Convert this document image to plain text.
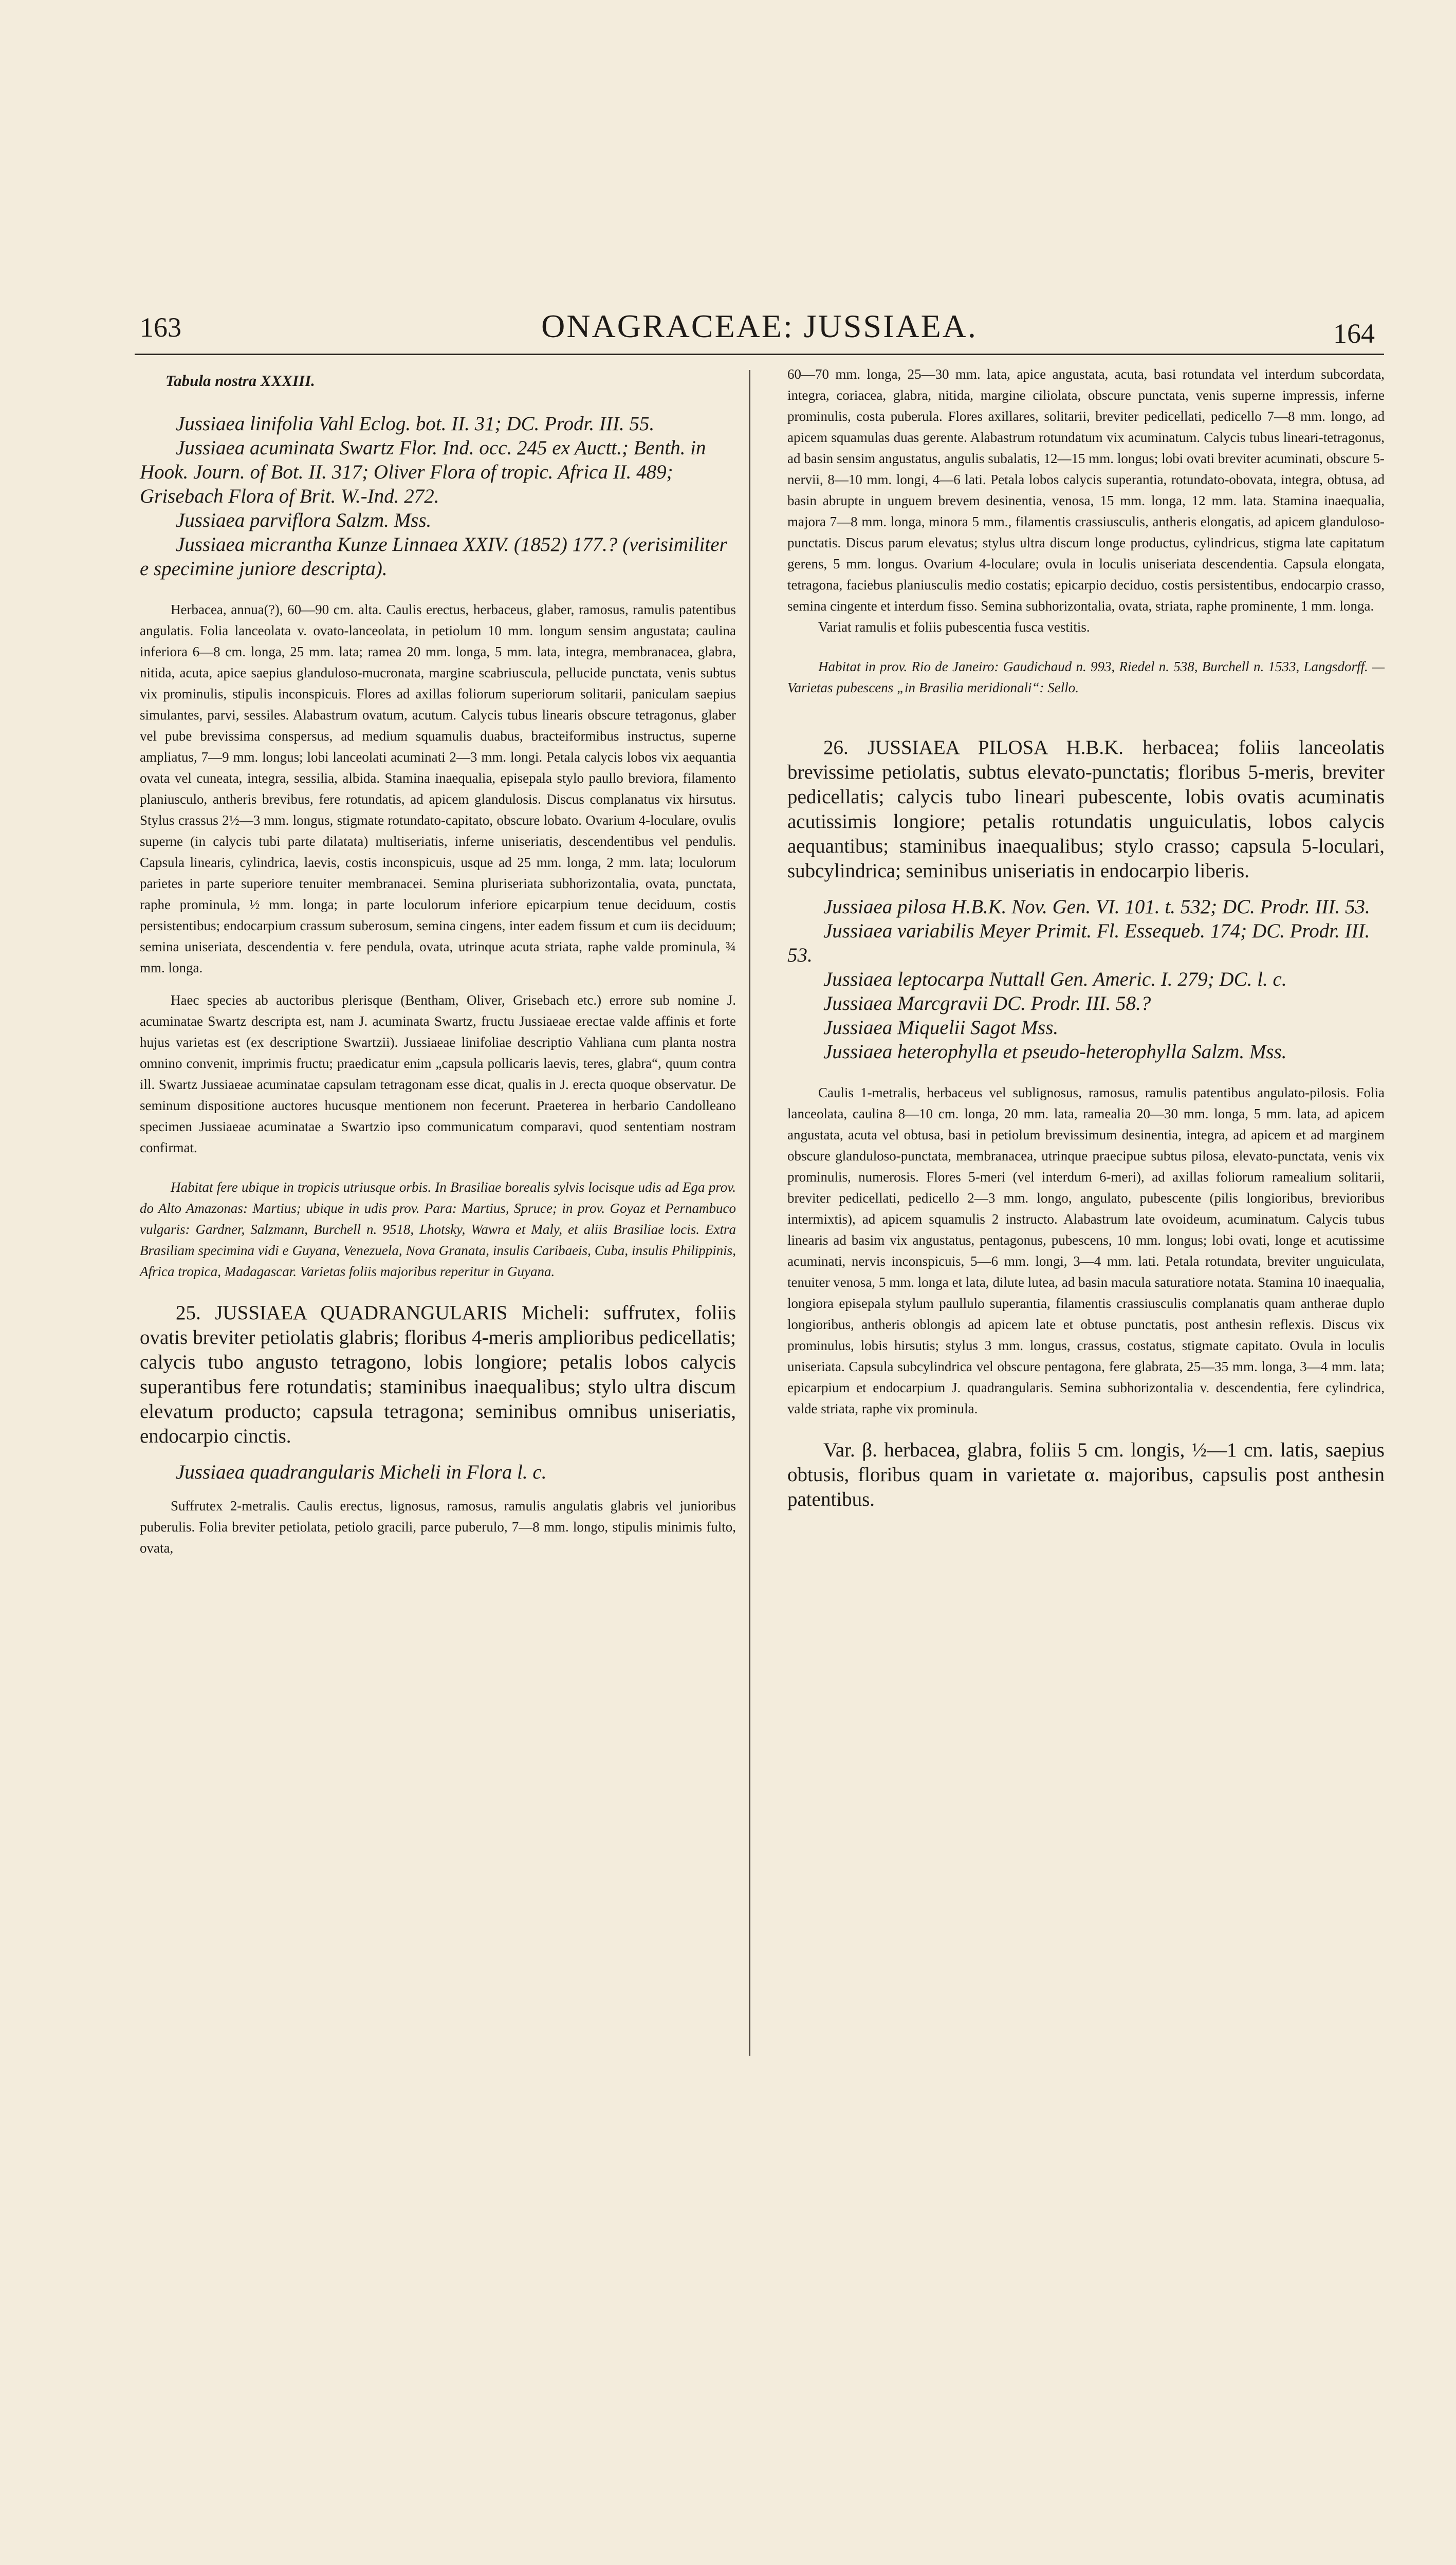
163	ONAGRACEAE: JUSSIAEA.	164

Tabula nostra XXXIII.

Jussiaea linifolia Vahl Eclog. bot. II. 31; DC. Prodr. III. 55.

Jussiaea acuminata Swartz Flor. Ind. occ. 245 ex Auctt.; Benth. in Hook. Journ. of Bot. II. 317; Oliver Flora of tropic. Africa II. 489; Grisebach Flora of Brit. W.-Ind. 272.

Jussiaea parviflora Salzm. Mss.

Jussiaea micrantha Kunze Linnaea XXIV. (1852) 177.? (verisimiliter e specimine juniore descripta).

Herbacea, annua(?), 60—90 cm. alta. Caulis erectus, herbaceus, glaber, ramosus, ramulis patentibus angulatis. Folia lanceolata v. ovato-lanceolata, in petiolum 10 mm. longum sensim angustata; caulina inferiora 6—8 cm. longa, 25 mm. lata; ramea 20 mm. longa, 5 mm. lata, integra, membranacea, glabra, nitida, acuta, apice saepius glanduloso-mucronata, margine scabriuscula, pellucide punctata, venis subtus vix prominulis, stipulis inconspicuis. Flores ad axillas foliorum superiorum solitarii, paniculam saepius simulantes, parvi, sessiles. Alabastrum ovatum, acutum. Calycis tubus linearis obscure tetragonus, glaber vel pube brevissima conspersus, ad medium squamulis duabus, bracteiformibus instructus, superne ampliatus, 7—9 mm. longus; lobi lanceolati acuminati 2—3 mm. longi. Petala calycis lobos vix aequantia ovata vel cuneata, integra, sessilia, albida. Stamina inaequalia, episepala stylo paullo breviora, filamento planiusculo, antheris brevibus, fere rotundatis, ad apicem glandulosis. Discus complanatus vix hirsutus. Stylus crassus 2½—3 mm. longus, stigmate rotundato-capitato, obscure lobato. Ovarium 4-loculare, ovulis superne (in calycis tubi parte dilatata) multiseriatis, inferne uniseriatis, descendentibus vel pendulis. Capsula linearis, cylindrica, laevis, costis inconspicuis, usque ad 25 mm. longa, 2 mm. lata; loculorum parietes in parte superiore tenuiter membranacei. Semina pluriseriata subhorizontalia, ovata, punctata, raphe prominula, ½ mm. longa; in parte loculorum inferiore epicarpium tenue deciduum, costis persistentibus; endocarpium crassum suberosum, semina cingens, inter eadem fissum et cum iis deciduum; semina uniseriata, descendentia v. fere pendula, ovata, utrinque acuta striata, raphe valde prominula, ¾ mm. longa.

Haec species ab auctoribus plerisque (Bentham, Oliver, Grisebach etc.) errore sub nomine J. acuminatae Swartz descripta est, nam J. acuminata Swartz, fructu Jussiaeae erectae valde affinis et forte hujus varietas est (ex descriptione Swartzii). Jussiaeae linifoliae descriptio Vahliana cum planta nostra omnino convenit, imprimis fructu; praedicatur enim „capsula pollicaris laevis, teres, glabra“, quum contra ill. Swartz Jussiaeae acuminatae capsulam tetragonam esse dicat, qualis in J. erecta quoque observatur. De seminum dispositione auctores hucusque mentionem non fecerunt. Praeterea in herbario Candolleano specimen Jussiaeae acuminatae a Swartzio ipso communicatum comparavi, quod sententiam nostram confirmat.

Habitat fere ubique in tropicis utriusque orbis. In Brasiliae borealis sylvis locisque udis ad Ega prov. do Alto Amazonas: Martius; ubique in udis prov. Para: Martius, Spruce; in prov. Goyaz et Pernambuco vulgaris: Gardner, Salzmann, Burchell n. 9518, Lhotsky, Wawra et Maly, et aliis Brasiliae locis. Extra Brasiliam specimina vidi e Guyana, Venezuela, Nova Granata, insulis Caribaeis, Cuba, insulis Philippinis, Africa tropica, Madagascar. Varietas foliis majoribus reperitur in Guyana.

25. JUSSIAEA QUADRANGULARIS Micheli: suffrutex, foliis ovatis breviter petiolatis glabris; floribus 4-meris amplioribus pedicellatis; calycis tubo angusto tetragono, lobis longiore; petalis lobos calycis superantibus fere rotundatis; staminibus inaequalibus; stylo ultra discum elevatum producto; capsula tetragona; seminibus omnibus uniseriatis, endocarpio cinctis.

Jussiaea quadrangularis Micheli in Flora l. c.

Suffrutex 2-metralis. Caulis erectus, lignosus, ramosus, ramulis angulatis glabris vel junioribus puberulis. Folia breviter petiolata, petiolo gracili, parce puberulo, 7—8 mm. longo, stipulis minimis fulto, ovata,

60—70 mm. longa, 25—30 mm. lata, apice angustata, acuta, basi rotundata vel interdum subcordata, integra, coriacea, glabra, nitida, margine ciliolata, obscure punctata, venis superne impressis, inferne prominulis, costa puberula. Flores axillares, solitarii, breviter pedicellati, pedicello 7—8 mm. longo, ad apicem squamulas duas gerente. Alabastrum rotundatum vix acuminatum. Calycis tubus lineari-tetragonus, ad basin sensim angustatus, angulis subalatis, 12—15 mm. longus; lobi ovati breviter acuminati, obscure 5-nervii, 8—10 mm. longi, 4—6 lati. Petala lobos calycis superantia, rotundato-obovata, integra, obtusa, ad basin abrupte in unguem brevem desinentia, venosa, 15 mm. longa, 12 mm. lata. Stamina inaequalia, majora 7—8 mm. longa, minora 5 mm., filamentis crassiusculis, antheris elongatis, ad apicem glanduloso-punctatis. Discus parum elevatus; stylus ultra discum longe productus, cylindricus, stigma late capitatum gerens, 5 mm. longus. Ovarium 4-loculare; ovula in loculis uniseriata descendentia. Capsula elongata, tetragona, faciebus planiusculis medio costatis; epicarpio deciduo, costis persistentibus, endocarpio crasso, semina cingente et interdum fisso. Semina subhorizontalia, ovata, striata, raphe prominente, 1 mm. longa.

Variat ramulis et foliis pubescentia fusca vestitis.

Habitat in prov. Rio de Janeiro: Gaudichaud n. 993, Riedel n. 538, Burchell n. 1533, Langsdorff. — Varietas pubescens „in Brasilia meridionali“: Sello.

26. JUSSIAEA PILOSA H.B.K. herbacea; foliis lanceolatis brevissime petiolatis, subtus elevato-punctatis; floribus 5-meris, breviter pedicellatis; calycis tubo lineari pubescente, lobis ovatis acuminatis acutissimis longiore; petalis rotundatis unguiculatis, lobos calycis aequantibus; staminibus inaequalibus; stylo crasso; capsula 5-loculari, subcylindrica; seminibus uniseriatis in endocarpio liberis.

Jussiaea pilosa H.B.K. Nov. Gen. VI. 101. t. 532; DC. Prodr. III. 53.

Jussiaea variabilis Meyer Primit. Fl. Essequeb. 174; DC. Prodr. III. 53.

Jussiaea leptocarpa Nuttall Gen. Americ. I. 279; DC. l. c.

Jussiaea Marcgravii DC. Prodr. III. 58.?

Jussiaea Miquelii Sagot Mss.

Jussiaea heterophylla et pseudo-heterophylla Salzm. Mss.

Caulis 1-metralis, herbaceus vel sublignosus, ramosus, ramulis patentibus angulato-pilosis. Folia lanceolata, caulina 8—10 cm. longa, 20 mm. lata, ramealia 20—30 mm. longa, 5 mm. lata, ad apicem angustata, acuta vel obtusa, basi in petiolum brevissimum desinentia, integra, ad apicem et ad marginem obscure glanduloso-punctata, membranacea, utrinque praecipue subtus pilosa, elevato-punctata, venis vix prominulis, numerosis. Flores 5-meri (vel interdum 6-meri), ad axillas foliorum ramealium solitarii, breviter pedicellati, pedicello 2—3 mm. longo, angulato, pubescente (pilis longioribus, brevioribus intermixtis), ad apicem squamulis 2 instructo. Alabastrum late ovoideum, acuminatum. Calycis tubus linearis ad basim vix angustatus, pentagonus, pubescens, 10 mm. longus; lobi ovati, longe et acutissime acuminati, nervis inconspicuis, 5—6 mm. longi, 3—4 mm. lati. Petala rotundata, breviter unguiculata, tenuiter venosa, 5 mm. longa et lata, dilute lutea, ad basin macula saturatiore notata. Stamina 10 inaequalia, longiora episepala stylum paullulo superantia, filamentis crassiusculis complanatis quam antherae duplo longioribus, antheris oblongis ad apicem late et obtuse punctatis, post anthesin reflexis. Discus vix prominulus, lobis hirsutis; stylus 3 mm. longus, crassus, costatus, stigmate capitato. Ovula in loculis uniseriata. Capsula subcylindrica vel obscure pentagona, fere glabrata, 25—35 mm. longa, 3—4 mm. lata; epicarpium et endocarpium J. quadrangularis. Semina subhorizontalia v. descendentia, fere cylindrica, valde striata, raphe vix prominula.

Var. β. herbacea, glabra, foliis 5 cm. longis, ½—1 cm. latis, saepius obtusis, floribus quam in varietate α. majoribus, capsulis post anthesin patentibus.
